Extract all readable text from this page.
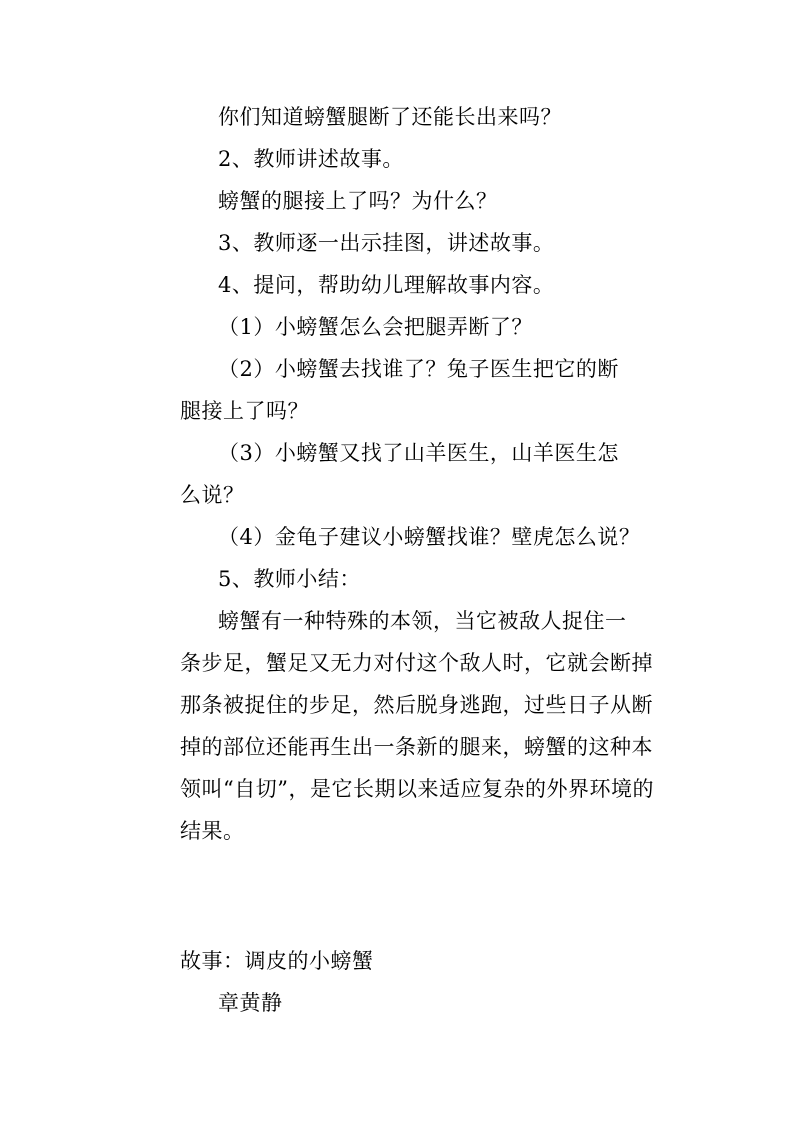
你们知道螃蟹腿断了还能长出来吗？
2、教师讲述故事。
螃蟹的腿接上了吗？为什么？
3、教师逐一出示挂图，讲述故事。
4、提问，帮助幼儿理解故事内容。
（1）小螃蟹怎么会把腿弄断了？
（2）小螃蟹去找谁了？兔子医生把它的断
腿接上了吗？
（3）小螃蟹又找了山羊医生，山羊医生怎
么说？
（4）金龟子建议小螃蟹找谁？壁虎怎么说？
5、教师小结：
螃蟹有一种特殊的本领，当它被敌人捉住一
条步足，蟹足又无力对付这个敌人时，它就会断掉
那条被捉住的步足，然后脱身逃跑，过些日子从断
掉的部位还能再生出一条新的腿来，螃蟹的这种本
领叫“自切”，是它长期以来适应复杂的外界环境的
结果。
故事：调皮的小螃蟹
章黄静
